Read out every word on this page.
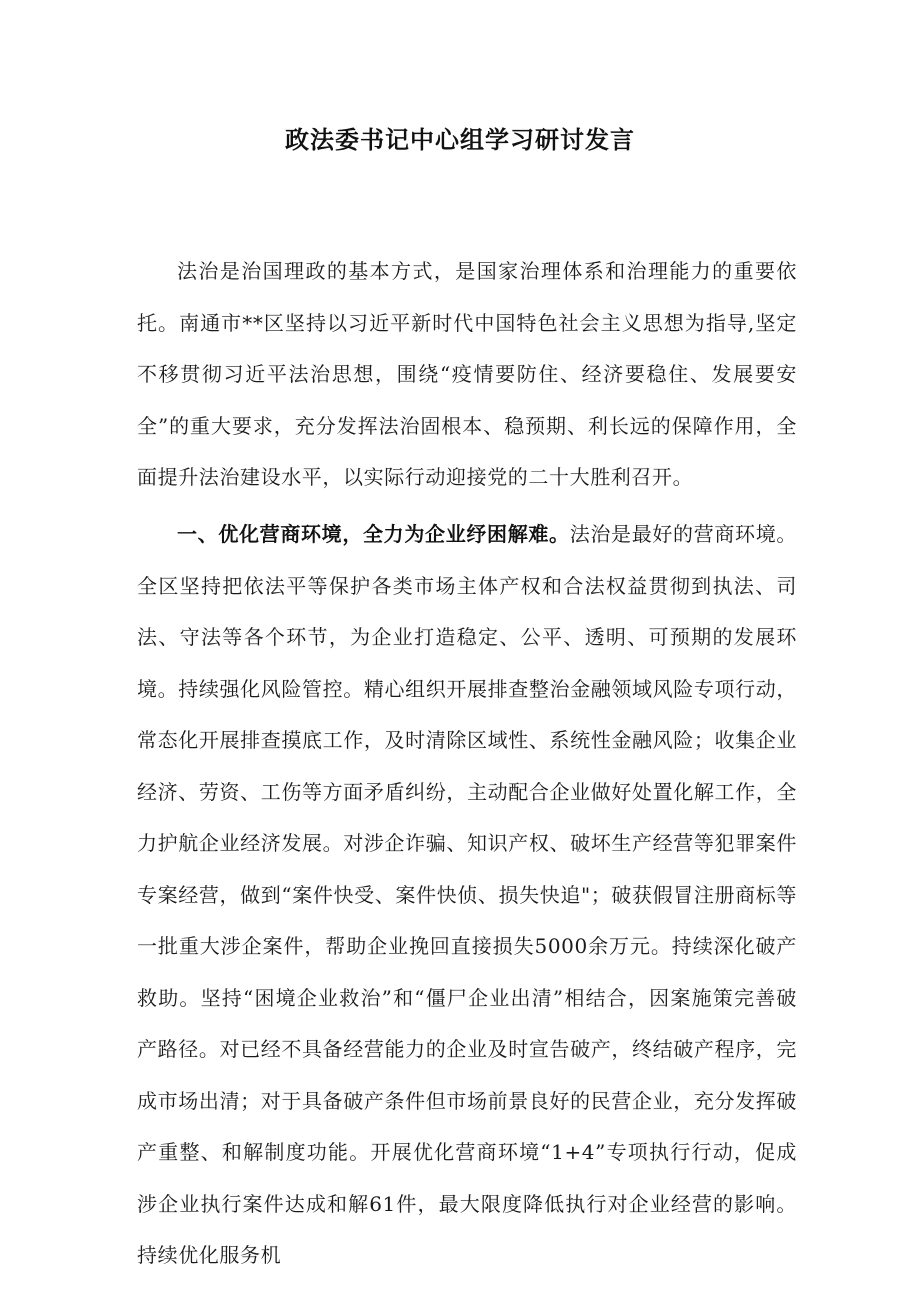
政法委书记中心组学习研讨发言

法治是治国理政的基本方式，是国家治理体系和治理能力的重要依托。南通市**区坚持以习近平新时代中国特色社会主义思想为指导,坚定不移贯彻习近平法治思想，围绕“疫情要防住、经济要稳住、发展要安全”的重大要求，充分发挥法治固根本、稳预期、利长远的保障作用，全面提升法治建设水平，以实际行动迎接党的二十大胜利召开。

一、优化营商环境，全力为企业纾困解难。法治是最好的营商环境。全区坚持把依法平等保护各类市场主体产权和合法权益贯彻到执法、司法、守法等各个环节，为企业打造稳定、公平、透明、可预期的发展环境。持续强化风险管控。精心组织开展排查整治金融领域风险专项行动，常态化开展排查摸底工作，及时清除区域性、系统性金融风险；收集企业经济、劳资、工伤等方面矛盾纠纷，主动配合企业做好处置化解工作，全力护航企业经济发展。对涉企诈骗、知识产权、破坏生产经营等犯罪案件专案经营，做到“案件快受、案件快侦、损失快追"；破获假冒注册商标等一批重大涉企案件，帮助企业挽回直接损失5000余万元。持续深化破产救助。坚持“困境企业救治”和“僵尸企业出清”相结合，因案施策完善破产路径。对已经不具备经营能力的企业及时宣告破产，终结破产程序，完成市场出清；对于具备破产条件但市场前景良好的民营企业，充分发挥破产重整、和解制度功能。开展优化营商环境“1+4”专项执行行动，促成涉企业执行案件达成和解61件，最大限度降低执行对企业经营的影响。持续优化服务机
